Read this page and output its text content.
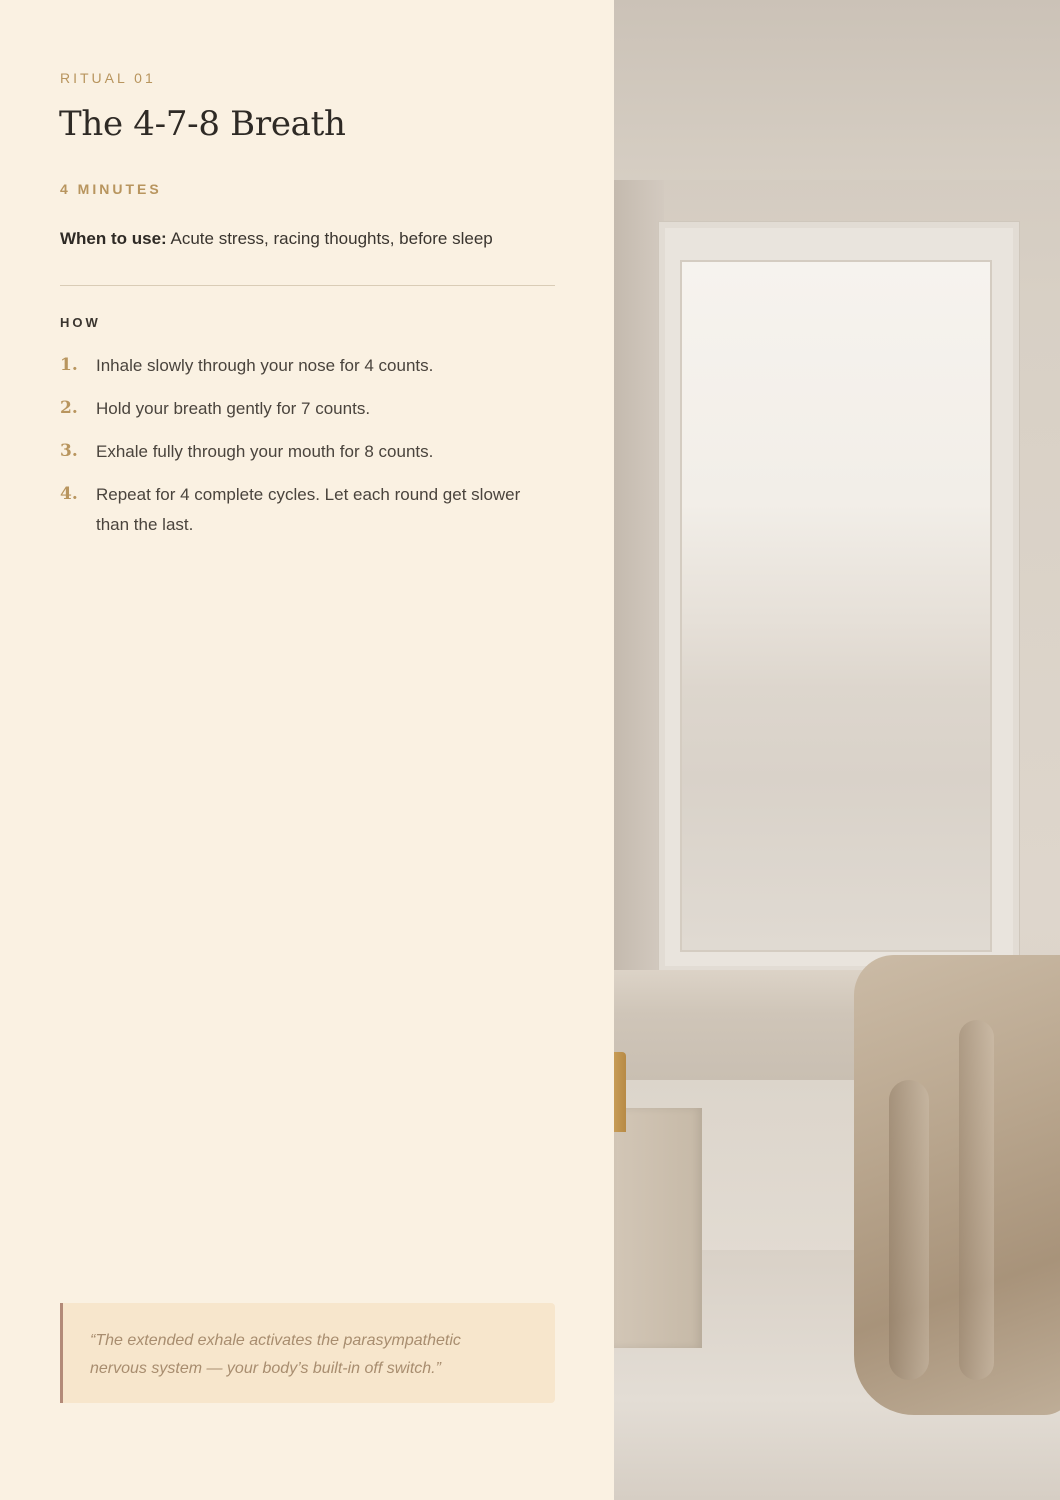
RITUAL 01
The 4-7-8 Breath
4 MINUTES
When to use: Acute stress, racing thoughts, before sleep
HOW
1.	Inhale slowly through your nose for 4 counts.
2.	Hold your breath gently for 7 counts.
3.	Exhale fully through your mouth for 8 counts.
4.	Repeat for 4 complete cycles. Let each round get slower than the last.
“The extended exhale activates the parasympathetic nervous system — your body’s built-in off switch.”
